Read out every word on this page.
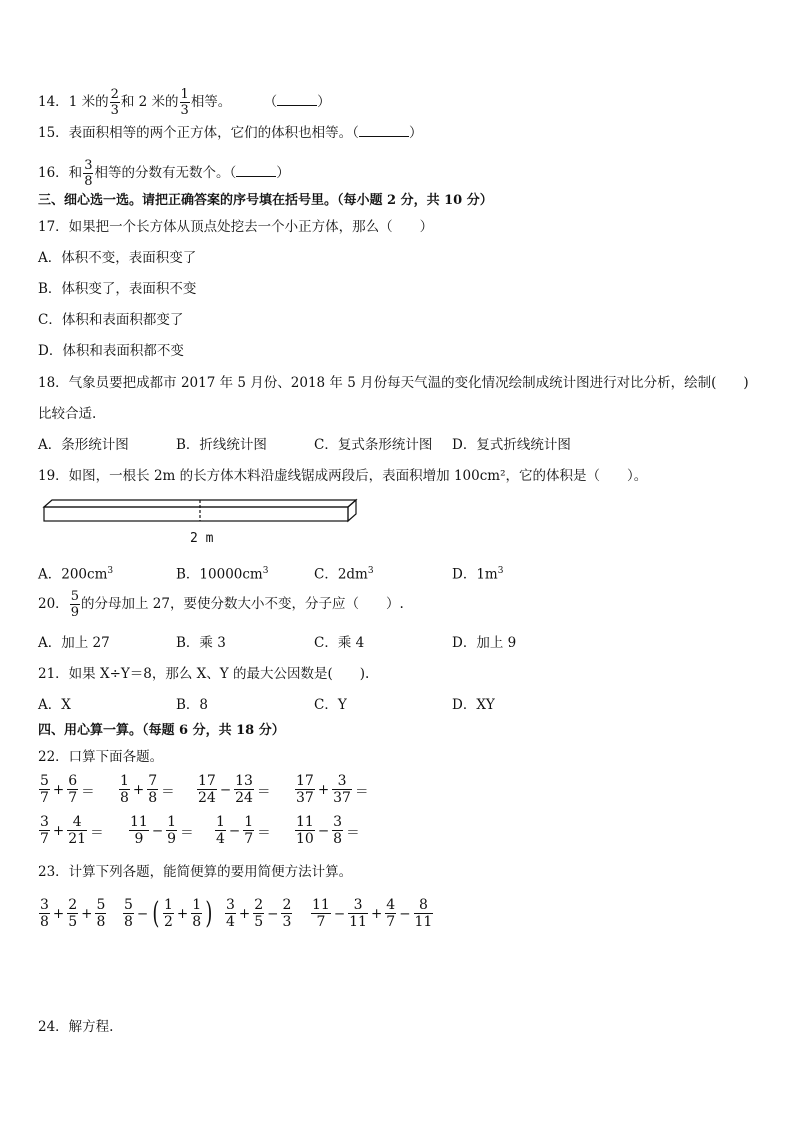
14．1 米的 $\frac{2}{3}$ 和 2 米的 $\frac{1}{3}$ 相等。 （	）
15．表面积相等的两个正方体，它们的体积也相等。（	）
16．和 $\frac{3}{8}$ 相等的分数有无数个。（	）
三、细心选一选。请把正确答案的序号填在括号里。（每小题 2 分，共 10 分）
17．如果把一个长方体从顶点处挖去一个小正方体，那么（　　）
A．体积不变，表面积变了
B．体积变了，表面积不变
C．体积和表面积都变了
D．体积和表面积都不变
18．气象员要把成都市 2017 年 5 月份、2018 年 5 月份每天气温的变化情况绘制成统计图进行对比分析，绘制(　　)
比较合适.
A．条形统计图	B．折线统计图	C．复式条形统计图 D．复式折线统计图
19．如图，一根长 2m 的长方体木料沿虚线锯成两段后，表面积增加 100cm²，它的体积是（　　）。
2 m
A．$200cm^3$	B．$10000cm^3$	C．$2dm^3$	D．$1m^3$
20． $\frac{5}{9}$ 的分母加上 27，要使分数大小不变，分子应（　　）.
A．加上 27	B．乘 3	C．乘 4	D．加上 9
21．如果 X÷Y＝8，那么 X、Y 的最大公因数是(　　).
A．X	B．8	C．Y	D．XY
四、用心算一算。（每题 6 分，共 18 分）
22．口算下面各题。
$\frac{5}{7} + \frac{6}{7} = \frac{1}{8} + \frac{7}{8} = \frac{17}{24} - \frac{13}{24} = \frac{17}{37} + \frac{3}{37}$ ＝
$\frac{3}{7} + \frac{4}{21} = \frac{11}{9} - \frac{1}{9} = \frac{1}{4} - \frac{1}{7} = \frac{11}{10} - \frac{3}{8}$ ＝
23．计算下列各题，能简便算的要用简便方法计算。
$\frac{3}{8} + \frac{2}{5} + \frac{5}{8} \frac{5}{8}$ − ( $\frac{1}{2} + \frac{1}{8}$ ) $\frac{3}{4} + \frac{2}{5} - \frac{2}{3} \frac{11}{7} - \frac{3}{11} + \frac{4}{7} - \frac{8}{11}$
24．解方程.
